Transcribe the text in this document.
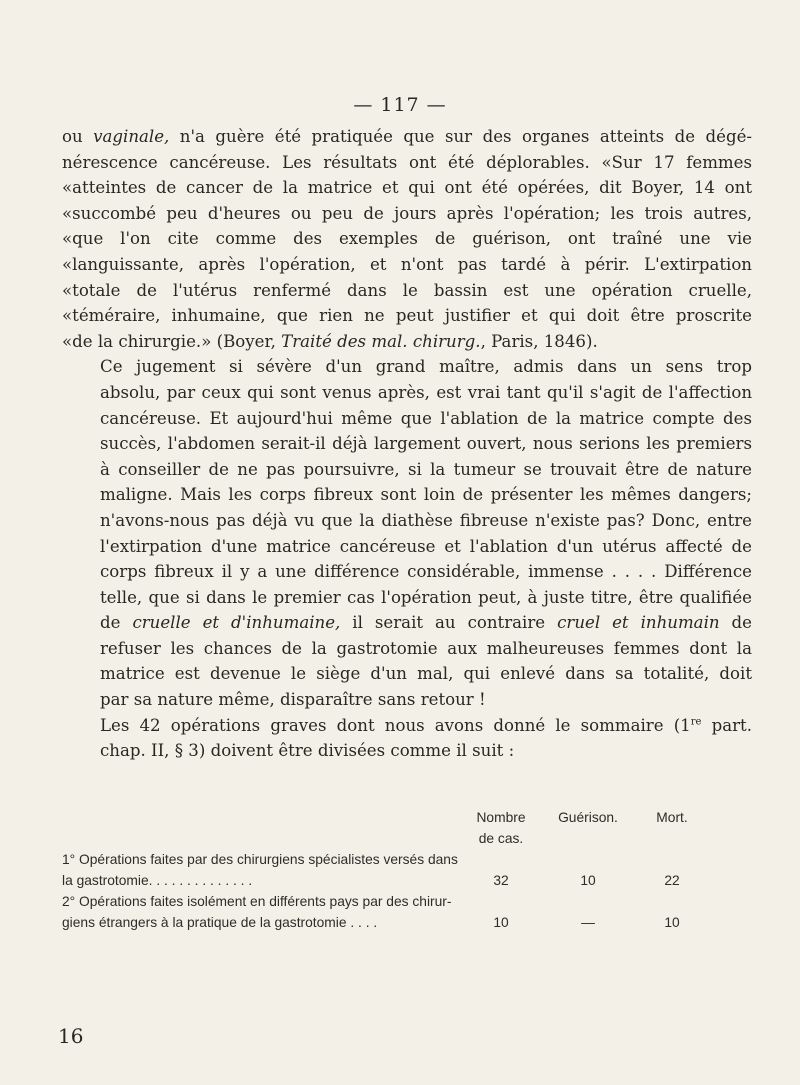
— 117 —

ou vaginale, n'a guère été pratiquée que sur des organes atteints de dégé-
nérescence cancéreuse. Les résultats ont été déplorables. «Sur 17 femmes
«atteintes de cancer de la matrice et qui ont été opérées, dit Boyer, 14 ont
«succombé peu d'heures ou peu de jours après l'opération; les trois autres,
«que l'on cite comme des exemples de guérison, ont traîné une vie
«languissante, après l'opération, et n'ont pas tardé à périr. L'extirpation
«totale de l'utérus renfermé dans le bassin est une opération cruelle,
«téméraire, inhumaine, que rien ne peut justifier et qui doit être proscrite
«de la chirurgie.» (Boyer, Traité des mal. chirurg., Paris, 1846).

Ce jugement si sévère d'un grand maître, admis dans un sens trop
absolu, par ceux qui sont venus après, est vrai tant qu'il s'agit de l'affection
cancéreuse. Et aujourd'hui même que l'ablation de la matrice compte des
succès, l'abdomen serait-il déjà largement ouvert, nous serions les premiers
à conseiller de ne pas poursuivre, si la tumeur se trouvait être de nature
maligne. Mais les corps fibreux sont loin de présenter les mêmes dangers;
n'avons-nous pas déjà vu que la diathèse fibreuse n'existe pas? Donc, entre
l'extirpation d'une matrice cancéreuse et l'ablation d'un utérus affecté de
corps fibreux il y a une différence considérable, immense . . . . Différence
telle, que si dans le premier cas l'opération peut, à juste titre, être qualifiée
de cruelle et d'inhumaine, il serait au contraire cruel et inhumain de
refuser les chances de la gastrotomie aux malheureuses femmes dont la
matrice est devenue le siège d'un mal, qui enlevé dans sa totalité, doit
par sa nature même, disparaître sans retour !

Les 42 opérations graves dont nous avons donné le sommaire (1re part.
chap. II, § 3) doivent être divisées comme il suit :

Nombre
de cas.
Guérison.	Mort.
1° Opérations faites par des chirurgiens spécialistes versés dans
la gastrotomie. . . . . . . . . . . . . .	32	10	22
2° Opérations faites isolément en différents pays par des chirur-
giens étrangers à la pratique de la gastrotomie . . . .	10	—	10
16
